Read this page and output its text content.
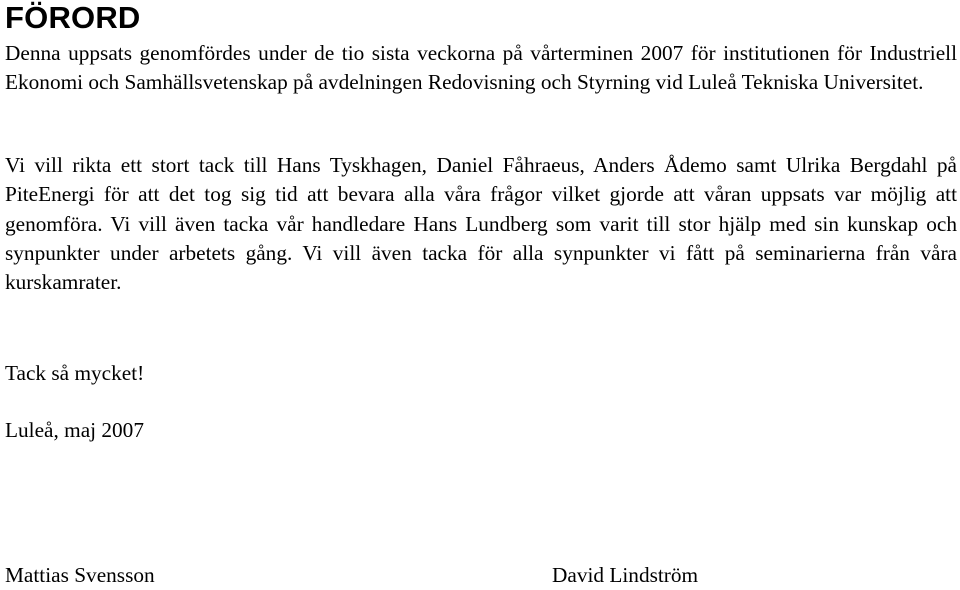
FÖRORD

Denna uppsats genomfördes under de tio sista veckorna på vårterminen 2007 för institutionen för Industriell Ekonomi och Samhällsvetenskap på avdelningen Redovisning och Styrning vid Luleå Tekniska Universitet.

Vi vill rikta ett stort tack till Hans Tyskhagen, Daniel Fåhraeus, Anders Ådemo samt Ulrika Bergdahl på PiteEnergi för att det tog sig tid att bevara alla våra frågor vilket gjorde att våran uppsats var möjlig att genomföra. Vi vill även tacka vår handledare Hans Lundberg som varit till stor hjälp med sin kunskap och synpunkter under arbetets gång. Vi vill även tacka för alla synpunkter vi fått på seminarierna från våra kurskamrater.

Tack så mycket!

Luleå, maj 2007

Mattias Svensson	David Lindström
